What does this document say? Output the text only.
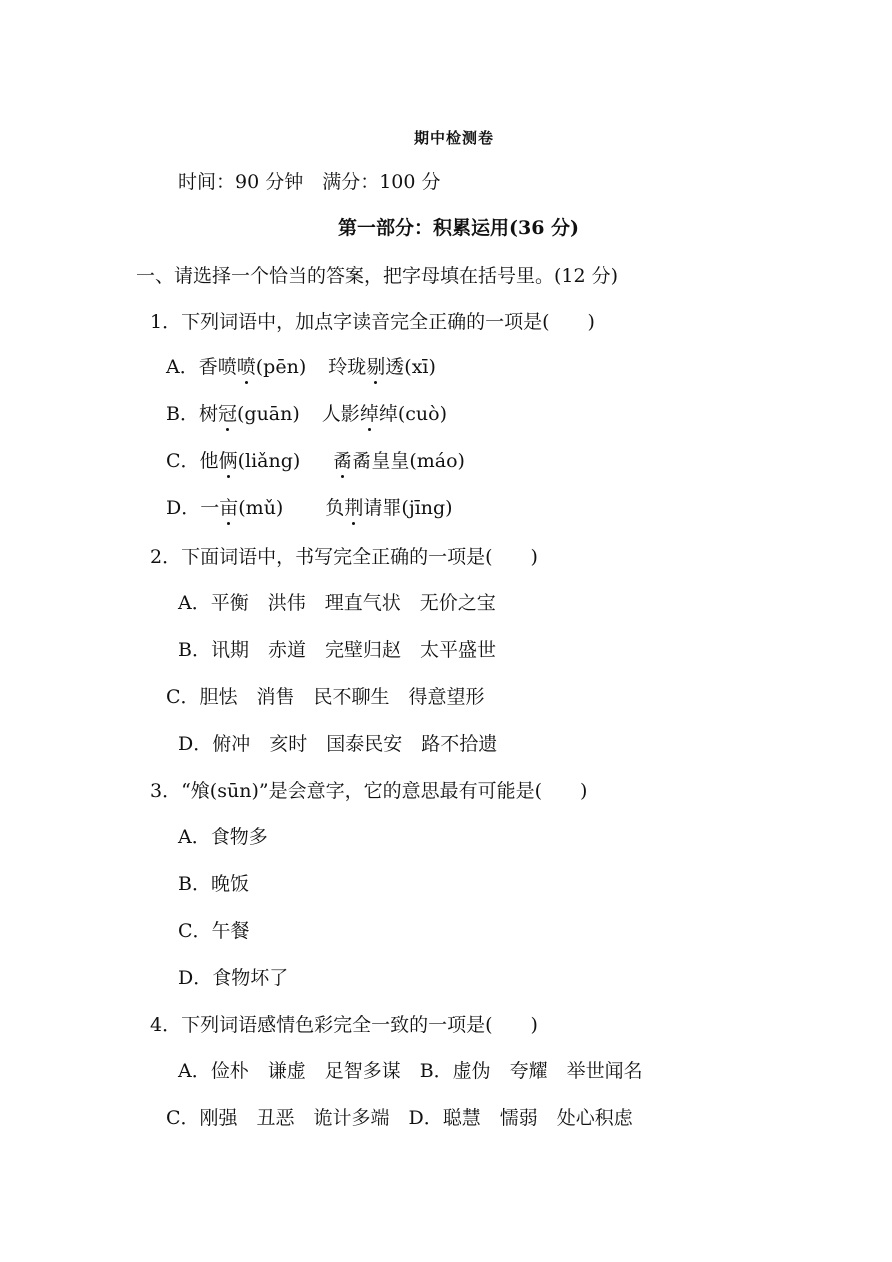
期中检测卷
时间：90 分钟　满分：100 分
第一部分：积累运用(36 分)
一、请选择一个恰当的答案，把字母填在括号里。(12 分)
1．下列词语中，加点字读音完全正确的一项是(　　)
A．香喷喷(pēn) 玲珑剔透(xī)
B．树冠(guān) 人影绰绰(cuò)
C．他俩(liǎng) 矞矞皇皇(máo)
D．一亩(mǔ) 负荆请罪(jīng)
2．下面词语中，书写完全正确的一项是(　　)
A．平衡　洪伟　理直气状　无价之宝
B．讯期　赤道　完壁归赵　太平盛世
C．胆怯　消售　民不聊生　得意望形
D．俯冲　亥时　国泰民安　路不拾遗
3．“飧(sūn)”是会意字，它的意思最有可能是(　　)
A．食物多
B．晚饭
C．午餐
D．食物坏了
4．下列词语感情色彩完全一致的一项是(　　)
A．俭朴　谦虚　足智多谋　B．虚伪　夸耀　举世闻名
C．刚强　丑恶　诡计多端　D．聪慧　懦弱　处心积虑
